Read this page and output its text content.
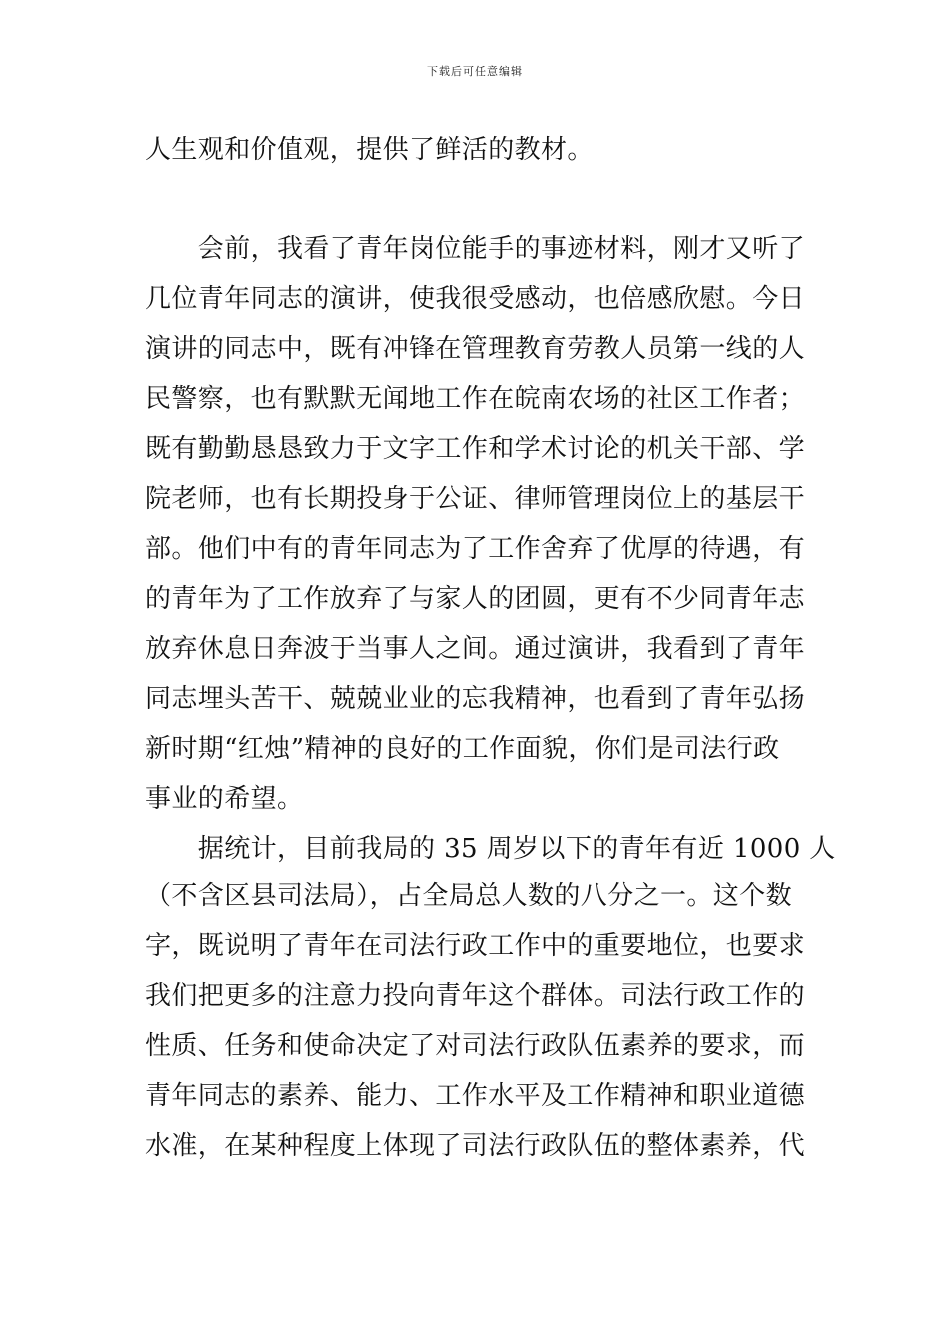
下载后可任意编辑
人生观和价值观，提供了鲜活的教材。
　　会前，我看了青年岗位能手的事迹材料，刚才又听了
几位青年同志的演讲，使我很受感动，也倍感欣慰。今日
演讲的同志中，既有冲锋在管理教育劳教人员第一线的人
民警察，也有默默无闻地工作在皖南农场的社区工作者；
既有勤勤恳恳致力于文字工作和学术讨论的机关干部、学
院老师，也有长期投身于公证、律师管理岗位上的基层干
部。他们中有的青年同志为了工作舍弃了优厚的待遇，有
的青年为了工作放弃了与家人的团圆，更有不少同青年志
放弃休息日奔波于当事人之间。通过演讲，我看到了青年
同志埋头苦干、兢兢业业的忘我精神，也看到了青年弘扬
新时期“红烛”精神的良好的工作面貌，你们是司法行政
事业的希望。
　　据统计，目前我局的 35 周岁以下的青年有近 1000 人
（不含区县司法局），占全局总人数的八分之一。这个数
字，既说明了青年在司法行政工作中的重要地位，也要求
我们把更多的注意力投向青年这个群体。司法行政工作的
性质、任务和使命决定了对司法行政队伍素养的要求，而
青年同志的素养、能力、工作水平及工作精神和职业道德
水准，在某种程度上体现了司法行政队伍的整体素养，代
